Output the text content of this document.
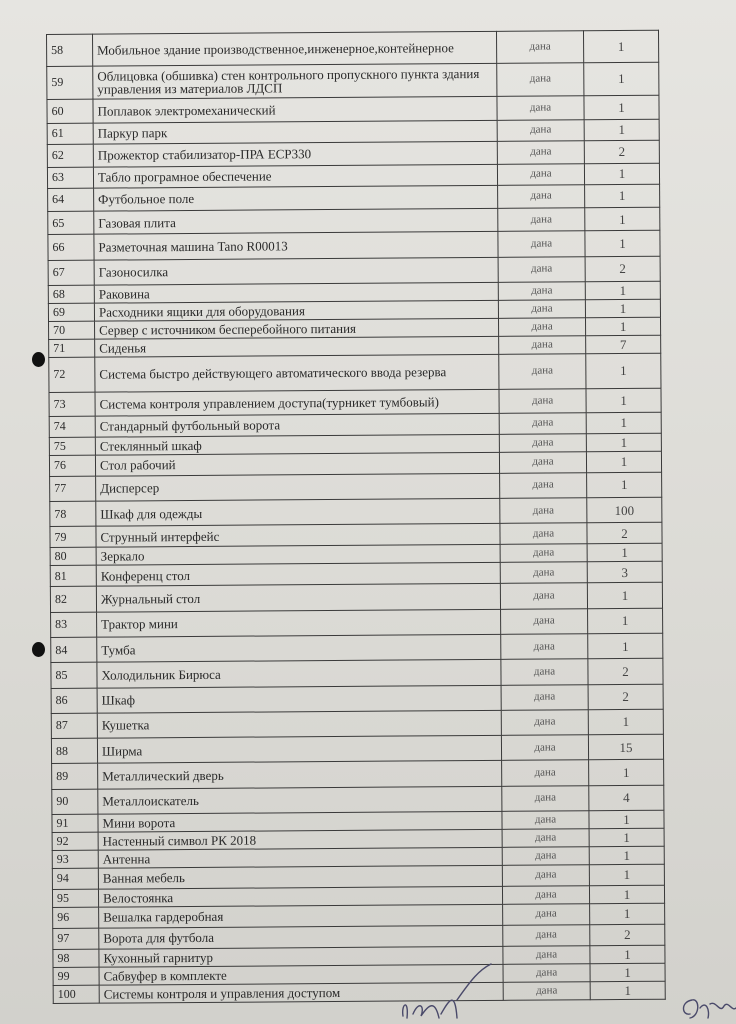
58	Мобильное здание производственное,инженерное,контейнерное	дана	1
59	Облицовка (обшивка) стен контрольного пропускного пункта здания управления из материалов ЛДСП	дана	1
60	Поплавок электромеханический	дана	1
61	Паркур парк	дана	1
62	Прожектор стабилизатор-ПРА ЕСР330	дана	2
63	Табло програмное обеспечение	дана	1
64	Футбольное поле	дана	1
65	Газовая плита	дана	1
66	Разметочная машина Tano R00013	дана	1
67	Газоносилка	дана	2
68	Раковина	дана	1
69	Расходники ящики для оборудования	дана	1
70	Сервер с источником бесперебойного питания	дана	1
71	Сиденья	дана	7
72	Система быстро действующего автоматического ввода резерва	дана	1
73	Система контроля управлением доступа(турникет тумбовый)	дана	1
74	Стандарный футбольный ворота	дана	1
75	Стеклянный шкаф	дана	1
76	Стол рабочий	дана	1
77	Дисперсер	дана	1
78	Шкаф для одежды	дана	100
79	Струнный интерфейс	дана	2
80	Зеркало	дана	1
81	Конференц стол	дана	3
82	Журнальный стол	дана	1
83	Трактор мини	дана	1
84	Тумба	дана	1
85	Холодильник Бирюса	дана	2
86	Шкаф	дана	2
87	Кушетка	дана	1
88	Ширма	дана	15
89	Металлический дверь	дана	1
90	Металлоискатель	дана	4
91	Мини ворота	дана	1
92	Настенный символ РК 2018	дана	1
93	Антенна	дана	1
94	Ванная мебель	дана	1
95	Велостоянка	дана	1
96	Вешалка гардеробная	дана	1
97	Ворота для футбола	дана	2
98	Кухонный гарнитур	дана	1
99	Сабвуфер в комплекте	дана	1
100	Системы контроля и управления доступом	дана	1
